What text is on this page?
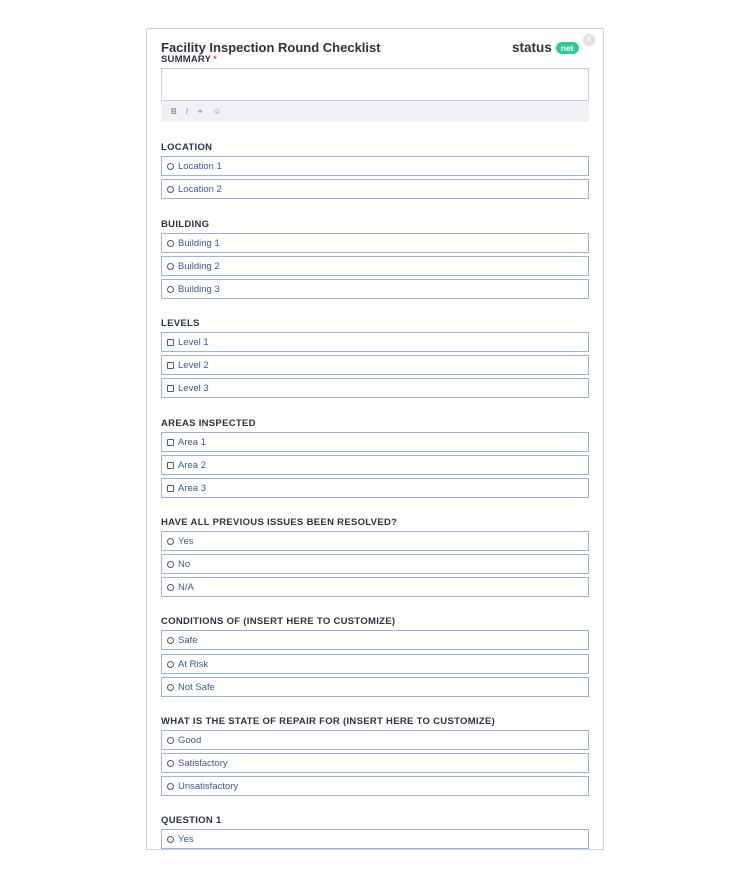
×
Facility Inspection Round Checklist	status	net
SUMMARY *
B I ⚭ ☺
LOCATION
Location 1
Location 2
BUILDING
Building 1
Building 2
Building 3
LEVELS
Level 1
Level 2
Level 3
AREAS INSPECTED
Area 1
Area 2
Area 3
HAVE ALL PREVIOUS ISSUES BEEN RESOLVED?
Yes
No
N/A
CONDITIONS OF (INSERT HERE TO CUSTOMIZE)
Safe
At Risk
Not Safe
WHAT IS THE STATE OF REPAIR FOR (INSERT HERE TO CUSTOMIZE)
Good
Satisfactory
Unsatisfactory
QUESTION 1
Yes
